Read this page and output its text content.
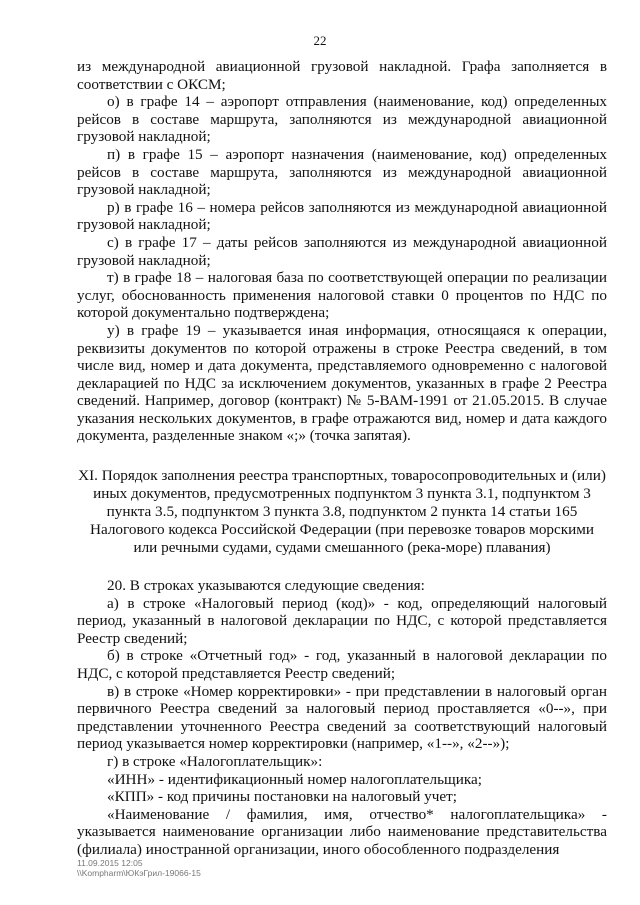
22

из международной авиационной грузовой накладной. Графа заполняется в соответствии с ОКСМ;

о) в графе 14 – аэропорт отправления (наименование, код) определенных рейсов в составе маршрута, заполняются из международной авиационной грузовой накладной;

п) в графе 15 – аэропорт назначения (наименование, код) определенных рейсов в составе маршрута, заполняются из международной авиационной грузовой накладной;

р) в графе 16 – номера рейсов заполняются из международной авиационной грузовой накладной;

с) в графе 17 – даты рейсов заполняются из международной авиационной грузовой накладной;

т) в графе 18 – налоговая база по соответствующей операции по реализации услуг, обоснованность применения налоговой ставки 0 процентов по НДС по которой документально подтверждена;

у) в графе 19 – указывается иная информация, относящаяся к операции, реквизиты документов по которой отражены в строке Реестра сведений, в том числе вид, номер и дата документа, представляемого одновременно с налоговой декларацией по НДС за исключением документов, указанных в графе 2 Реестра сведений. Например, договор (контракт) № 5-ВАМ-1991 от 21.05.2015. В случае указания нескольких документов, в графе отражаются вид, номер и дата каждого документа, разделенные знаком «;» (точка запятая).

XI. Порядок заполнения реестра транспортных, товаросопроводительных и (или) иных документов, предусмотренных подпунктом 3 пункта 3.1, подпунктом 3 пункта 3.5, подпунктом 3 пункта 3.8, подпунктом 2 пункта 14 статьи 165 Налогового кодекса Российской Федерации (при перевозке товаров морскими или речными судами, судами смешанного (река-море) плавания)

20. В строках указываются следующие сведения:

а) в строке «Налоговый период (код)» - код, определяющий налоговый период, указанный в налоговой декларации по НДС, с которой представляется Реестр сведений;

б) в строке «Отчетный год» - год, указанный в налоговой декларации по НДС, с которой представляется Реестр сведений;

в) в строке «Номер корректировки» - при представлении в налоговый орган первичного Реестра сведений за налоговый период проставляется «0--», при представлении уточненного Реестра сведений за соответствующий налоговый период указывается номер корректировки (например, «1--», «2--»);

г) в строке «Налогоплательщик»:

«ИНН» - идентификационный номер налогоплательщика;

«КПП» - код причины постановки на налоговый учет;

«Наименование / фамилия, имя, отчество* налогоплательщика» - указывается наименование организации либо наименование представительства (филиала) иностранной организации, иного обособленного подразделения

11.09.2015 12:05
\\Kompharm\ЮКэГрил-19066-15
